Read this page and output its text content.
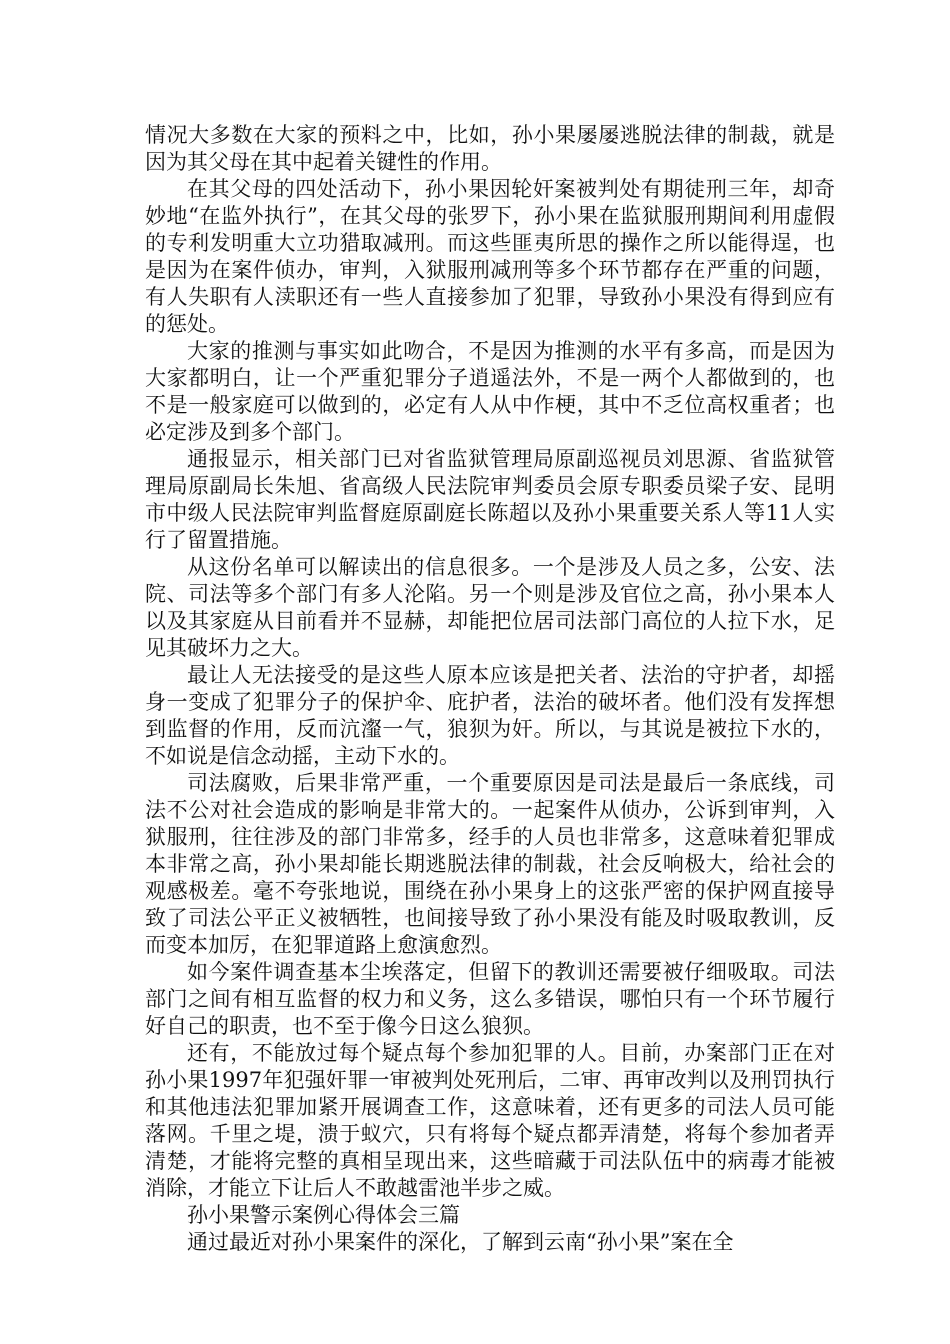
情况大多数在大家的预料之中，比如，孙小果屡屡逃脱法律的制裁，就是因为其父母在其中起着关键性的作用。

在其父母的四处活动下，孙小果因轮奸案被判处有期徒刑三年，却奇妙地“在监外执行”，在其父母的张罗下，孙小果在监狱服刑期间利用虚假的专利发明重大立功猎取减刑。而这些匪夷所思的操作之所以能得逞，也是因为在案件侦办，审判，入狱服刑减刑等多个环节都存在严重的问题，有人失职有人渎职还有一些人直接参加了犯罪，导致孙小果没有得到应有的惩处。

大家的推测与事实如此吻合，不是因为推测的水平有多高，而是因为大家都明白，让一个严重犯罪分子逍遥法外，不是一两个人都做到的，也不是一般家庭可以做到的，必定有人从中作梗，其中不乏位高权重者；也必定涉及到多个部门。

通报显示，相关部门已对省监狱管理局原副巡视员刘思源、省监狱管理局原副局长朱旭、省高级人民法院审判委员会原专职委员梁子安、昆明市中级人民法院审判监督庭原副庭长陈超以及孙小果重要关系人等11人实行了留置措施。

从这份名单可以解读出的信息很多。一个是涉及人员之多，公安、法院、司法等多个部门有多人沦陷。另一个则是涉及官位之高，孙小果本人以及其家庭从目前看并不显赫，却能把位居司法部门高位的人拉下水，足见其破坏力之大。

最让人无法接受的是这些人原本应该是把关者、法治的守护者，却摇身一变成了犯罪分子的保护伞、庇护者，法治的破坏者。他们没有发挥想到监督的作用，反而沆瀣一气，狼狈为奸。所以，与其说是被拉下水的，不如说是信念动摇，主动下水的。

司法腐败，后果非常严重，一个重要原因是司法是最后一条底线，司法不公对社会造成的影响是非常大的。一起案件从侦办，公诉到审判，入狱服刑，往往涉及的部门非常多，经手的人员也非常多，这意味着犯罪成本非常之高，孙小果却能长期逃脱法律的制裁，社会反响极大，给社会的观感极差。毫不夸张地说，围绕在孙小果身上的这张严密的保护网直接导致了司法公平正义被牺牲，也间接导致了孙小果没有能及时吸取教训，反而变本加厉，在犯罪道路上愈演愈烈。

如今案件调查基本尘埃落定，但留下的教训还需要被仔细吸取。司法部门之间有相互监督的权力和义务，这么多错误，哪怕只有一个环节履行好自己的职责，也不至于像今日这么狼狈。

还有，不能放过每个疑点每个参加犯罪的人。目前，办案部门正在对孙小果1997年犯强奸罪一审被判处死刑后，二审、再审改判以及刑罚执行和其他违法犯罪加紧开展调查工作，这意味着，还有更多的司法人员可能落网。千里之堤，溃于蚁穴，只有将每个疑点都弄清楚，将每个参加者弄清楚，才能将完整的真相呈现出来，这些暗藏于司法队伍中的病毒才能被消除，才能立下让后人不敢越雷池半步之威。

孙小果警示案例心得体会三篇

通过最近对孙小果案件的深化，了解到云南“孙小果”案在全
